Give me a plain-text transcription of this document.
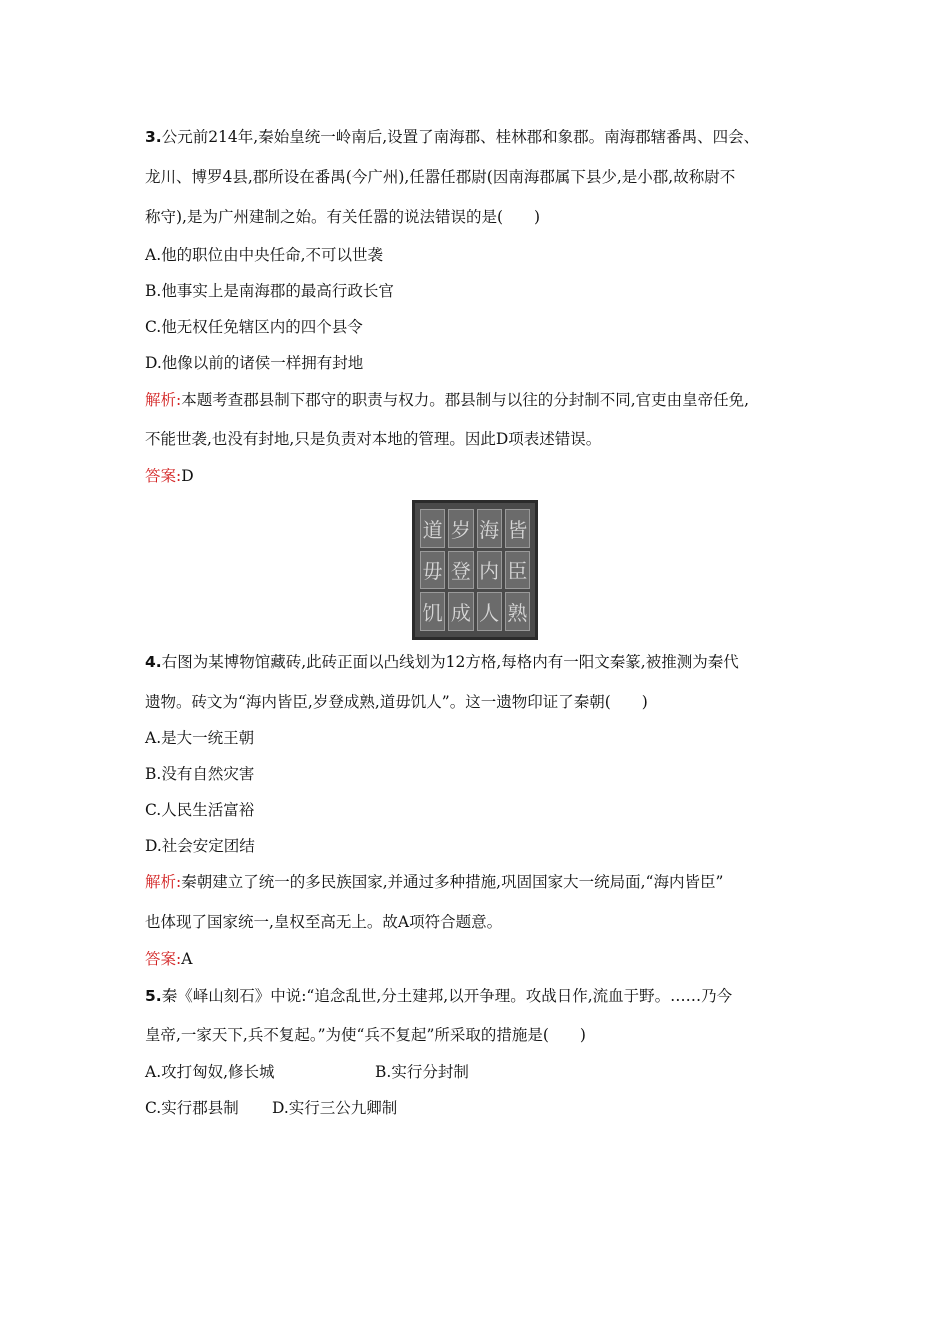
3.公元前214年,秦始皇统一岭南后,设置了南海郡、桂林郡和象郡。南海郡辖番禺、四会、

龙川、博罗4县,郡所设在番禺(今广州),任嚣任郡尉(因南海郡属下县少,是小郡,故称尉不

称守),是为广州建制之始。有关任嚣的说法错误的是(　　)

A.他的职位由中央任命,不可以世袭

B.他事实上是南海郡的最高行政长官

C.他无权任免辖区内的四个县令

D.他像以前的诸侯一样拥有封地

解析:本题考查郡县制下郡守的职责与权力。郡县制与以往的分封制不同,官吏由皇帝任免,

不能世袭,也没有封地,只是负责对本地的管理。因此D项表述错误。

答案:D

道 岁 海 皆
毋 登 内 臣
饥 成 人 熟

4.右图为某博物馆藏砖,此砖正面以凸线划为12方格,每格内有一阳文秦篆,被推测为秦代

遗物。砖文为“海内皆臣,岁登成熟,道毋饥人”。这一遗物印证了秦朝(　　)

A.是大一统王朝

B.没有自然灾害

C.人民生活富裕

D.社会安定团结

解析:秦朝建立了统一的多民族国家,并通过多种措施,巩固国家大一统局面,“海内皆臣”

也体现了国家统一,皇权至高无上。故A项符合题意。

答案:A

5.秦《峄山刻石》中说:“追念乱世,分土建邦,以开争理。攻战日作,流血于野。……乃今

皇帝,一家天下,兵不复起。”为使“兵不复起”所采取的措施是(　　)

A.攻打匈奴,修长城	B.实行分封制

C.实行郡县制 D.实行三公九卿制
